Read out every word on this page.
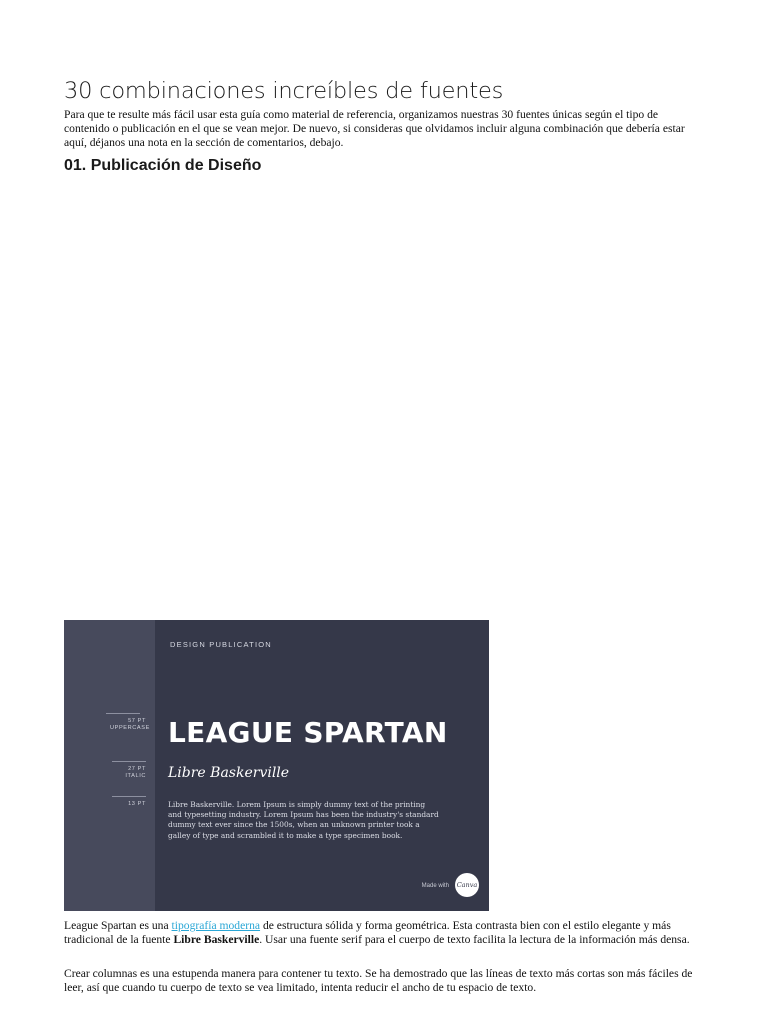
30 combinaciones increíbles de fuentes

Para que te resulte más fácil usar esta guía como material de referencia, organizamos nuestras 30 fuentes únicas según el tipo de contenido o publicación en el que se vean mejor. De nuevo, si consideras que olvidamos incluir alguna combinación que debería estar aquí, déjanos una nota en la sección de comentarios, debajo.

01. Publicación de Diseño
DESIGN PUBLICATION
57 PT
UPPERCASE
27 PT
ITALIC
13 PT
LEAGUE SPARTAN
Libre Baskerville
Libre Baskerville. Lorem Ipsum is simply dummy text of the printing and typesetting industry. Lorem Ipsum has been the industry's standard dummy text ever since the 1500s, when an unknown printer took a galley of type and scrambled it to make a type specimen book.
Made with Canva

League Spartan es una tipografía moderna de estructura sólida y forma geométrica. Esta contrasta bien con el estilo elegante y más tradicional de la fuente Libre Baskerville. Usar una fuente serif para el cuerpo de texto facilita la lectura de la información más densa.

Crear columnas es una estupenda manera para contener tu texto. Se ha demostrado que las líneas de texto más cortas son más fáciles de leer, así que cuando tu cuerpo de texto se vea limitado, intenta reducir el ancho de tu espacio de texto.
